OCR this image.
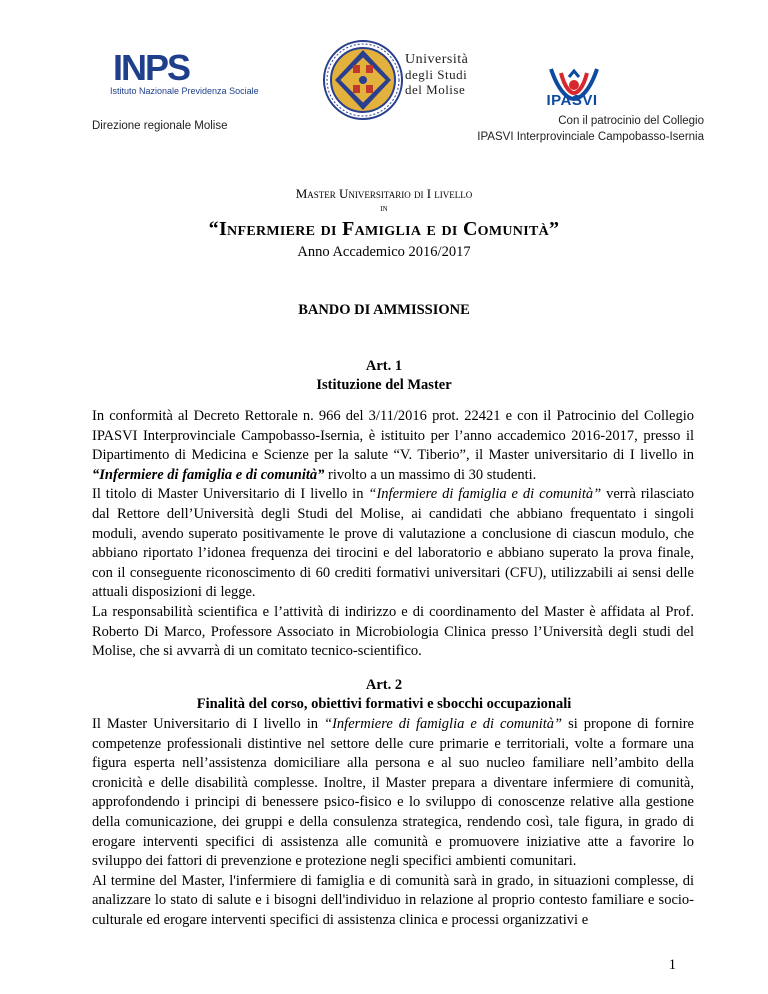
INPS
Istituto Nazionale Previdenza Sociale
Direzione regionale Molise
Università
degli Studi
del Molise
IPASVI
Con il patrocinio del Collegio
IPASVI Interprovinciale Campobasso-Isernia
Master Universitario di I livello
in
“Infermiere di Famiglia e di Comunità”
Anno Accademico 2016/2017
BANDO DI AMMISSIONE
Art. 1
Istituzione del Master

In conformità al Decreto Rettorale n. 966 del 3/11/2016 prot. 22421 e con il Patrocinio del Collegio IPASVI Interprovinciale Campobasso-Isernia, è istituito per l’anno accademico 2016-2017, presso il Dipartimento di Medicina e Scienze per la salute “V. Tiberio”, il Master universitario di I livello in “Infermiere di famiglia e di comunità” rivolto a un massimo di 30 studenti.

Il titolo di Master Universitario di I livello in “Infermiere di famiglia e di comunità” verrà rilasciato dal Rettore dell’Università degli Studi del Molise, ai candidati che abbiano frequentato i singoli moduli, avendo superato positivamente le prove di valutazione a conclusione di ciascun modulo, che abbiano riportato l’idonea frequenza dei tirocini e del laboratorio e abbiano superato la prova finale, con il conseguente riconoscimento di 60 crediti formativi universitari (CFU), utilizzabili ai sensi delle attuali disposizioni di legge.

La responsabilità scientifica e l’attività di indirizzo e di coordinamento del Master è affidata al Prof. Roberto Di Marco, Professore Associato in Microbiologia Clinica presso l’Università degli studi del Molise, che si avvarrà di un comitato tecnico-scientifico.

Art. 2
Finalità del corso, obiettivi formativi e sbocchi occupazionali

Il Master Universitario di I livello in “Infermiere di famiglia e di comunità” si propone di fornire competenze professionali distintive nel settore delle cure primarie e territoriali, volte a formare una figura esperta nell’assistenza domiciliare alla persona e al suo nucleo familiare nell’ambito della cronicità e delle disabilità complesse. Inoltre, il Master prepara a diventare infermiere di comunità, approfondendo i principi di benessere psico-fisico e lo sviluppo di conoscenze relative alla gestione della comunicazione, dei gruppi e della consulenza strategica, rendendo così, tale figura, in grado di erogare interventi specifici di assistenza alle comunità e promuovere iniziative atte a favorire lo sviluppo dei fattori di prevenzione e protezione negli specifici ambienti comunitari.

Al termine del Master, l'infermiere di famiglia e di comunità sarà in grado, in situazioni complesse, di analizzare lo stato di salute e i bisogni dell'individuo in relazione al proprio contesto familiare e socio-culturale ed erogare interventi specifici di assistenza clinica e processi organizzativi e

1
